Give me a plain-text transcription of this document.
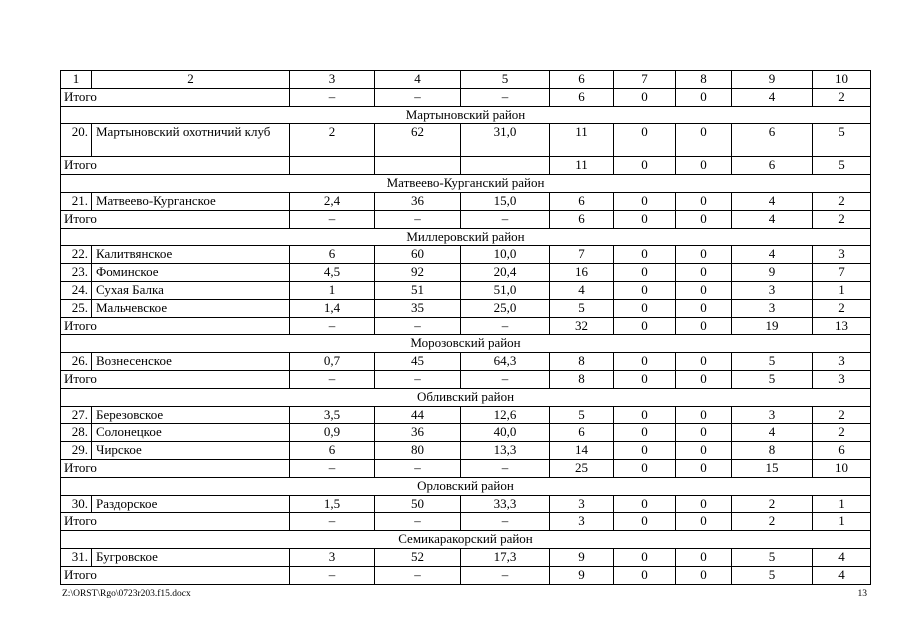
1	2	3	4	5	6	7	8	9	10
Итого		–	–	–	6	0	0	4	2
Мартыновский район									
20.	Мартыновский охотничий клуб	2	62	31,0	11	0	0	6	5
Итого					11	0	0	6	5
Матвеево-Курганский район									
21.	Матвеево-Курганское	2,4	36	15,0	6	0	0	4	2
Итого		–	–	–	6	0	0	4	2
Миллеровский район									
22.	Калитвянское	6	60	10,0	7	0	0	4	3
23.	Фоминское	4,5	92	20,4	16	0	0	9	7
24.	Сухая Балка	1	51	51,0	4	0	0	3	1
25.	Мальчевское	1,4	35	25,0	5	0	0	3	2
Итого		–	–	–	32	0	0	19	13
Морозовский район									
26.	Вознесенское	0,7	45	64,3	8	0	0	5	3
Итого		–	–	–	8	0	0	5	3
Обливский район									
27.	Березовское	3,5	44	12,6	5	0	0	3	2
28.	Солонецкое	0,9	36	40,0	6	0	0	4	2
29.	Чирское	6	80	13,3	14	0	0	8	6
Итого		–	–	–	25	0	0	15	10
Орловский район									
30.	Раздорское	1,5	50	33,3	3	0	0	2	1
Итого		–	–	–	3	0	0	2	1
Семикаракорский район									
31.	Бугровское	3	52	17,3	9	0	0	5	4
Итого		–	–	–	9	0	0	5	4
Z:\ORST\Rgo\0723r203.f15.docx	13
